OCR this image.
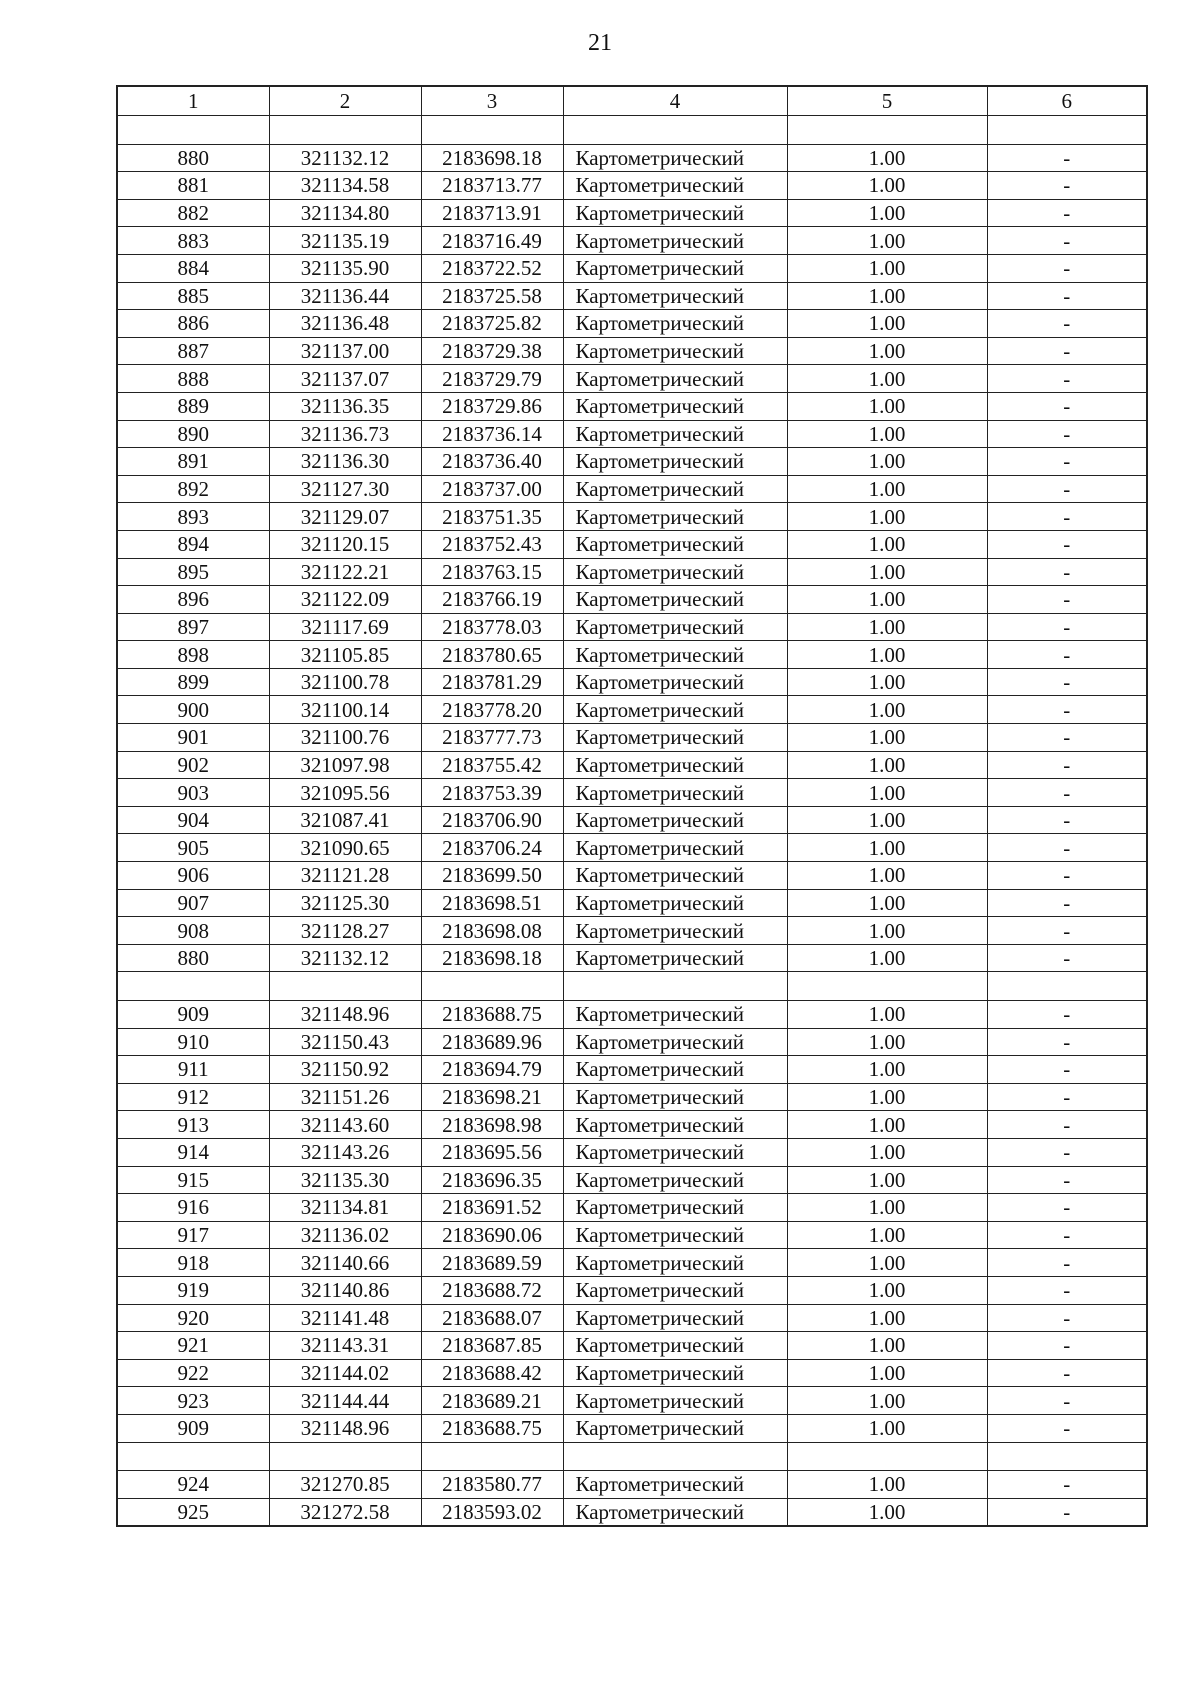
21
1	2	3	4	5	6

880	321132.12	2183698.18	Картометрический	1.00	-
881	321134.58	2183713.77	Картометрический	1.00	-
882	321134.80	2183713.91	Картометрический	1.00	-
883	321135.19	2183716.49	Картометрический	1.00	-
884	321135.90	2183722.52	Картометрический	1.00	-
885	321136.44	2183725.58	Картометрический	1.00	-
886	321136.48	2183725.82	Картометрический	1.00	-
887	321137.00	2183729.38	Картометрический	1.00	-
888	321137.07	2183729.79	Картометрический	1.00	-
889	321136.35	2183729.86	Картометрический	1.00	-
890	321136.73	2183736.14	Картометрический	1.00	-
891	321136.30	2183736.40	Картометрический	1.00	-
892	321127.30	2183737.00	Картометрический	1.00	-
893	321129.07	2183751.35	Картометрический	1.00	-
894	321120.15	2183752.43	Картометрический	1.00	-
895	321122.21	2183763.15	Картометрический	1.00	-
896	321122.09	2183766.19	Картометрический	1.00	-
897	321117.69	2183778.03	Картометрический	1.00	-
898	321105.85	2183780.65	Картометрический	1.00	-
899	321100.78	2183781.29	Картометрический	1.00	-
900	321100.14	2183778.20	Картометрический	1.00	-
901	321100.76	2183777.73	Картометрический	1.00	-
902	321097.98	2183755.42	Картометрический	1.00	-
903	321095.56	2183753.39	Картометрический	1.00	-
904	321087.41	2183706.90	Картометрический	1.00	-
905	321090.65	2183706.24	Картометрический	1.00	-
906	321121.28	2183699.50	Картометрический	1.00	-
907	321125.30	2183698.51	Картометрический	1.00	-
908	321128.27	2183698.08	Картометрический	1.00	-
880	321132.12	2183698.18	Картометрический	1.00	-

909	321148.96	2183688.75	Картометрический	1.00	-
910	321150.43	2183689.96	Картометрический	1.00	-
911	321150.92	2183694.79	Картометрический	1.00	-
912	321151.26	2183698.21	Картометрический	1.00	-
913	321143.60	2183698.98	Картометрический	1.00	-
914	321143.26	2183695.56	Картометрический	1.00	-
915	321135.30	2183696.35	Картометрический	1.00	-
916	321134.81	2183691.52	Картометрический	1.00	-
917	321136.02	2183690.06	Картометрический	1.00	-
918	321140.66	2183689.59	Картометрический	1.00	-
919	321140.86	2183688.72	Картометрический	1.00	-
920	321141.48	2183688.07	Картометрический	1.00	-
921	321143.31	2183687.85	Картометрический	1.00	-
922	321144.02	2183688.42	Картометрический	1.00	-
923	321144.44	2183689.21	Картометрический	1.00	-
909	321148.96	2183688.75	Картометрический	1.00	-

924	321270.85	2183580.77	Картометрический	1.00	-
925	321272.58	2183593.02	Картометрический	1.00	-
